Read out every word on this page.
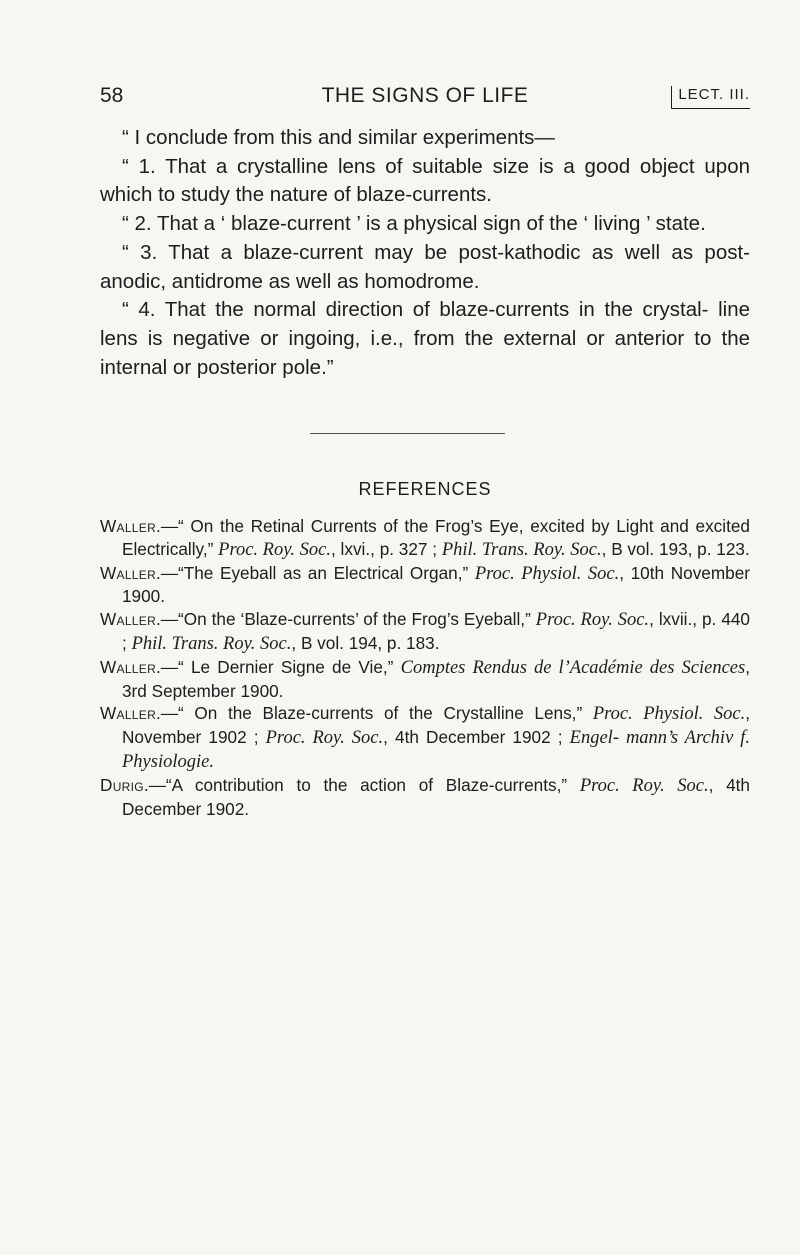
58	THE SIGNS OF LIFE	LECT. III.

“ I conclude from this and similar experiments—

“ 1. That a crystalline lens of suitable size is a good object upon which to study the nature of blaze-currents.

“ 2. That a ‘ blaze-current ’ is a physical sign of the ‘ living ’ state.

“ 3. That a blaze-current may be post-kathodic as well as post-anodic, antidrome as well as homodrome.

“ 4. That the normal direction of blaze-currents in the crystal- line lens is negative or ingoing, i.e., from the external or anterior to the internal or posterior pole.”

REFERENCES

Waller.—“ On the Retinal Currents of the Frog’s Eye, excited by Light and excited Electrically,” Proc. Roy. Soc., lxvi., p. 327 ; Phil. Trans. Roy. Soc., B vol. 193, p. 123.

Waller.—“The Eyeball as an Electrical Organ,” Proc. Physiol. Soc., 10th November 1900.

Waller.—“On the ‘Blaze-currents’ of the Frog’s Eyeball,” Proc. Roy. Soc., lxvii., p. 440 ; Phil. Trans. Roy. Soc., B vol. 194, p. 183.

Waller.—“ Le Dernier Signe de Vie,” Comptes Rendus de l’Académie des Sciences, 3rd September 1900.

Waller.—“ On the Blaze-currents of the Crystalline Lens,” Proc. Physiol. Soc., November 1902 ; Proc. Roy. Soc., 4th December 1902 ; Engel- mann’s Archiv f. Physiologie.

Durig.—“A contribution to the action of Blaze-currents,” Proc. Roy. Soc., 4th December 1902.
